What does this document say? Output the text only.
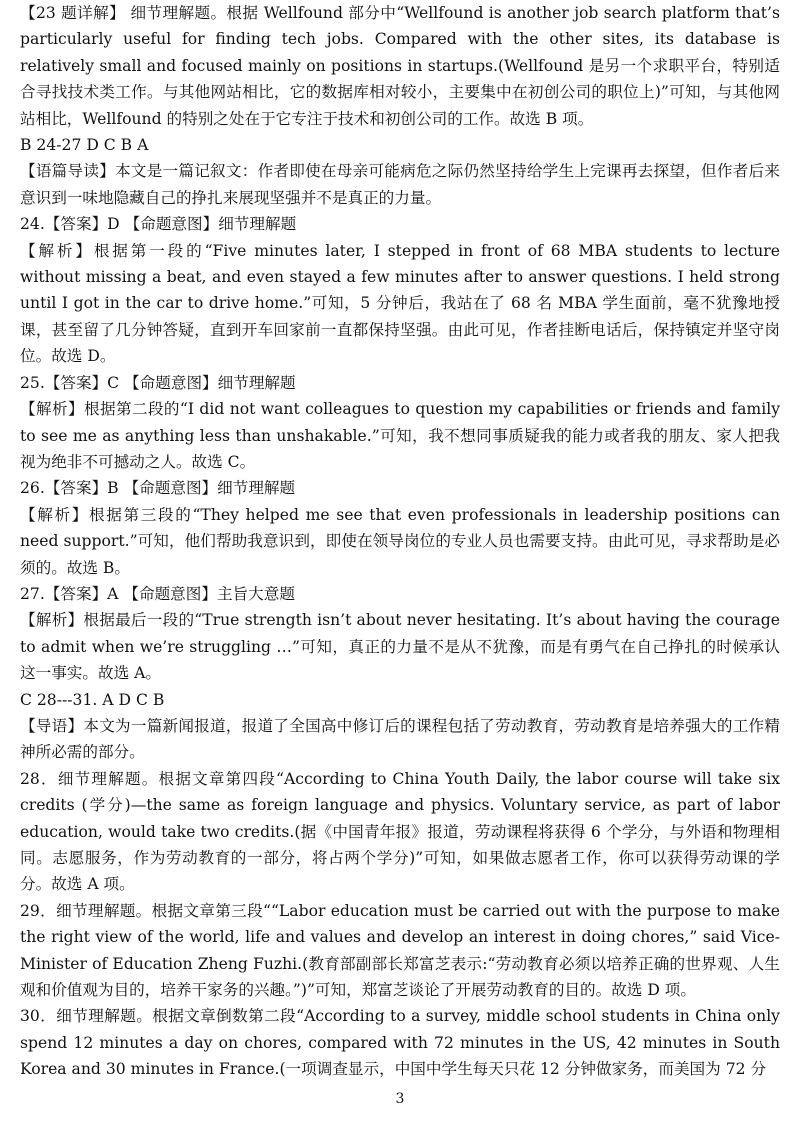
【23 题详解】 细节理解题。根据 Wellfound 部分中“Wellfound is another job search platform that’s particularly useful for finding tech jobs. Compared with the other sites, its database is relatively small and focused mainly on positions in startups.(Wellfound 是另一个求职平台，特别适合寻找技术类工作。与其他网站相比，它的数据库相对较小，主要集中在初创公司的职位上)”可知，与其他网站相比，Wellfound 的特别之处在于它专注于技术和初创公司的工作。故选 B 项。

B 24-27 D C B A

【语篇导读】本文是一篇记叙文：作者即使在母亲可能病危之际仍然坚持给学生上完课再去探望，但作者后来意识到一味地隐藏自己的挣扎来展现坚强并不是真正的力量。

24.【答案】D 【命题意图】细节理解题

【解析】根据第一段的“Five minutes later, I stepped in front of 68 MBA students to lecture without missing a beat, and even stayed a few minutes after to answer questions. I held strong until I got in the car to drive home.”可知，5 分钟后，我站在了 68 名 MBA 学生面前，毫不犹豫地授课，甚至留了几分钟答疑，直到开车回家前一直都保持坚强。由此可见，作者挂断电话后，保持镇定并坚守岗位。故选 D。

25.【答案】C 【命题意图】细节理解题

【解析】根据第二段的“I did not want colleagues to question my capabilities or friends and family to see me as anything less than unshakable.”可知，我不想同事质疑我的能力或者我的朋友、家人把我视为绝非不可撼动之人。故选 C。

26.【答案】B 【命题意图】细节理解题

【解析】根据第三段的“They helped me see that even professionals in leadership positions can need support.”可知，他们帮助我意识到，即使在领导岗位的专业人员也需要支持。由此可见，寻求帮助是必须的。故选 B。

27.【答案】A 【命题意图】主旨大意题

【解析】根据最后一段的“True strength isn’t about never hesitating. It’s about having the courage to admit when we’re struggling …”可知，真正的力量不是从不犹豫，而是有勇气在自己挣扎的时候承认这一事实。故选 A。

C 28---31. A D C B

【导语】本文为一篇新闻报道，报道了全国高中修订后的课程包括了劳动教育，劳动教育是培养强大的工作精神所必需的部分。

28．细节理解题。根据文章第四段“According to China Youth Daily, the labor course will take six credits (学分)—the same as foreign language and physics. Voluntary service, as part of labor education, would take two credits.(据《中国青年报》报道，劳动课程将获得 6 个学分，与外语和物理相同。志愿服务，作为劳动教育的一部分，将占两个学分)”可知，如果做志愿者工作，你可以获得劳动课的学分。故选 A 项。

29．细节理解题。根据文章第三段““Labor education must be carried out with the purpose to make the right view of the world, life and values and develop an interest in doing chores,” said Vice-Minister of Education Zheng Fuzhi.(教育部副部长郑富芝表示:“劳动教育必须以培养正确的世界观、人生观和价值观为目的，培养干家务的兴趣。”)”可知，郑富芝谈论了开展劳动教育的目的。故选 D 项。

30．细节理解题。根据文章倒数第二段“According to a survey, middle school students in China only spend 12 minutes a day on chores, compared with 72 minutes in the US, 42 minutes in South Korea and 30 minutes in France.(一项调查显示，中国中学生每天只花 12 分钟做家务，而美国为 72 分

3
